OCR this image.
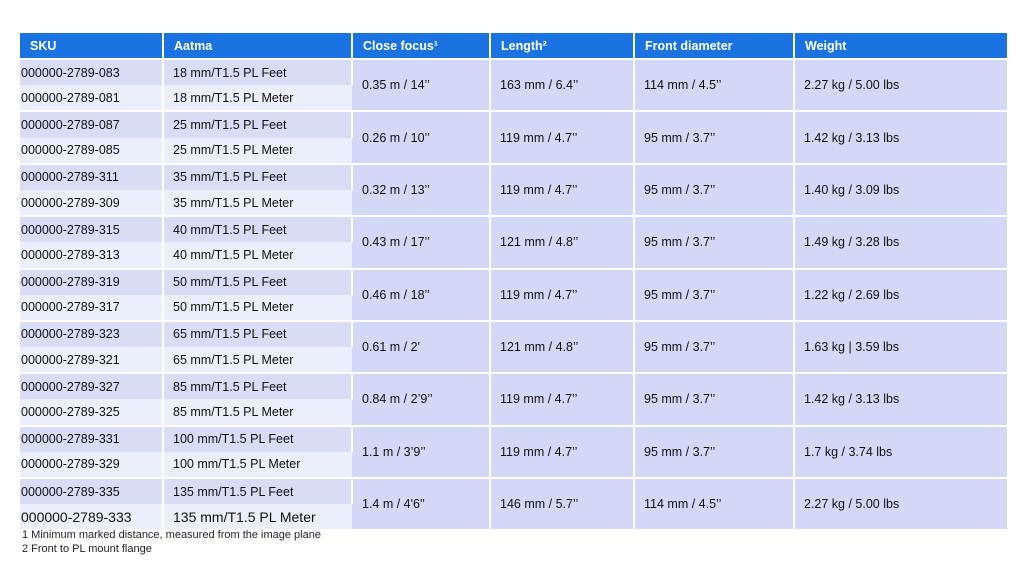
SKU	Aatma	Close focus¹	Length²	Front diameter	Weight
000000-2789-083	18 mm/T1.5 PL Feet	0.35 m / 14’’	163 mm / 6.4’’	114 mm / 4.5’’	2.27 kg / 5.00 lbs
000000-2789-081	18 mm/T1.5 PL Meter				
000000-2789-087	25 mm/T1.5 PL Feet	0.26 m / 10’’	119 mm / 4.7’’	95 mm / 3.7’’	1.42 kg / 3.13 lbs
000000-2789-085	25 mm/T1.5 PL Meter				
000000-2789-311	35 mm/T1.5 PL Feet	0.32 m / 13’’	119 mm / 4.7’’	95 mm / 3.7’’	1.40 kg / 3.09 lbs
000000-2789-309	35 mm/T1.5 PL Meter				
000000-2789-315	40 mm/T1.5 PL Feet	0.43 m / 17’’	121 mm / 4.8’’	95 mm / 3.7’’	1.49 kg / 3.28 lbs
000000-2789-313	40 mm/T1.5 PL Meter				
000000-2789-319	50 mm/T1.5 PL Feet	0.46 m / 18’’	119 mm / 4.7’’	95 mm / 3.7’’	1.22 kg / 2.69 lbs
000000-2789-317	50 mm/T1.5 PL Meter				
000000-2789-323	65 mm/T1.5 PL Feet	0.61 m / 2'	121 mm / 4.8’’	95 mm / 3.7’’	1.63 kg | 3.59 lbs
000000-2789-321	65 mm/T1.5 PL Meter				
000000-2789-327	85 mm/T1.5 PL Feet	0.84 m / 2’9’’	119 mm / 4.7’’	95 mm / 3.7’’	1.42 kg / 3.13 lbs
000000-2789-325	85 mm/T1.5 PL Meter				
000000-2789-331	100 mm/T1.5 PL Feet	1.1 m / 3’9’’	119 mm / 4.7’’	95 mm / 3.7’’	1.7 kg / 3.74 lbs
000000-2789-329	100 mm/T1.5 PL Meter				
000000-2789-335	135 mm/T1.5 PL Feet	1.4 m / 4'6''	146 mm / 5.7’’	114 mm / 4.5’’	2.27 kg / 5.00 lbs
000000-2789-333	135 mm/T1.5 PL Meter				
1 Minimum marked distance, measured from the image plane
2 Front to PL mount flange
